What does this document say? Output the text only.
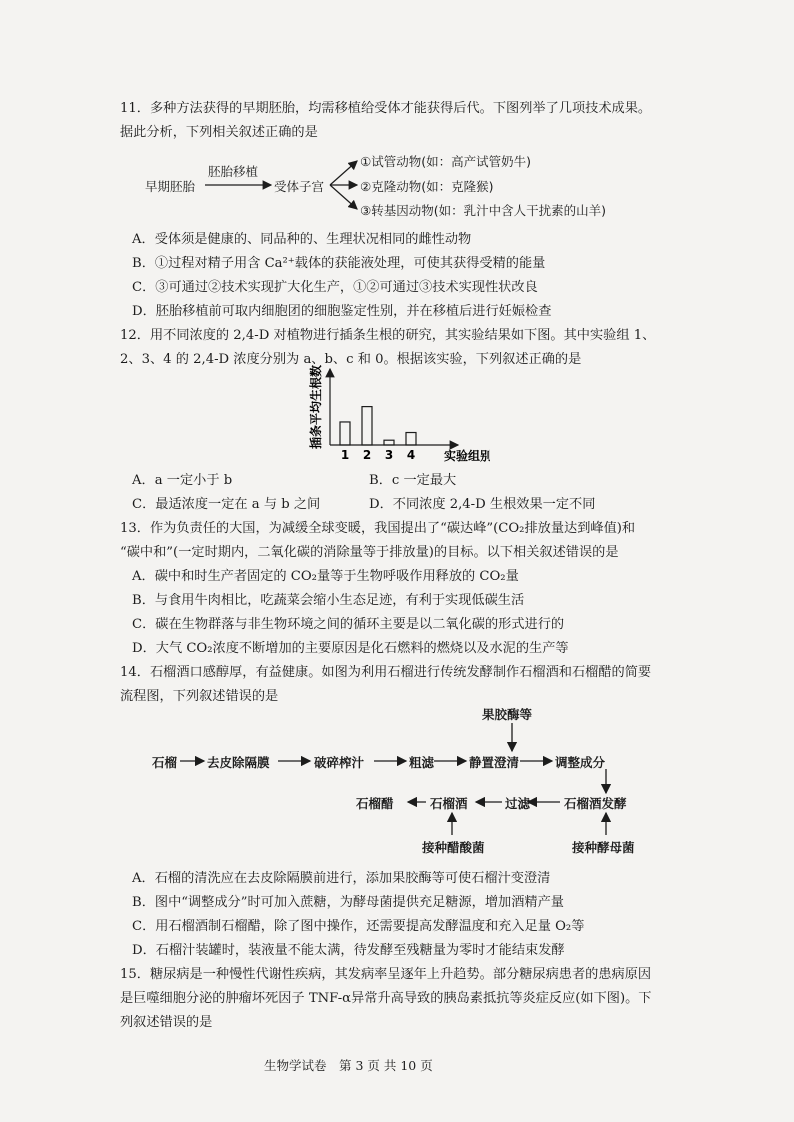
11．多种方法获得的早期胚胎，均需移植给受体才能获得后代。下图列举了几项技术成果。
据此分析，下列相关叙述正确的是
早期胚胎
胚胎移植
受体子宫
①试管动物(如：高产试管奶牛)
②克隆动物(如：克隆猴)
③转基因动物(如：乳汁中含人干扰素的山羊)
A．受体须是健康的、同品种的、生理状况相同的雌性动物
B．①过程对精子用含 Ca²⁺载体的获能液处理，可使其获得受精的能量
C．③可通过②技术实现扩大化生产，①②可通过③技术实现性状改良
D．胚胎移植前可取内细胞团的细胞鉴定性别，并在移植后进行妊娠检查
12．用不同浓度的 2,4-D 对植物进行插条生根的研究，其实验结果如下图。其中实验组 1、
2、3、4 的 2,4-D 浓度分别为 a、b、c 和 0。根据该实验，下列叙述正确的是
插条平均生根数
实验组别
1 2 3 4
A．a 一定小于 b	B．c 一定最大
C．最适浓度一定在 a 与 b 之间	D．不同浓度 2,4-D 生根效果一定不同
13．作为负责任的大国，为减缓全球变暖，我国提出了“碳达峰”(CO₂排放量达到峰值)和
“碳中和”(一定时期内，二氧化碳的消除量等于排放量)的目标。以下相关叙述错误的是
A．碳中和时生产者固定的 CO₂量等于生物呼吸作用释放的 CO₂量
B．与食用牛肉相比，吃蔬菜会缩小生态足迹，有利于实现低碳生活
C．碳在生物群落与非生物环境之间的循环主要是以二氧化碳的形式进行的
D．大气 CO₂浓度不断增加的主要原因是化石燃料的燃烧以及水泥的生产等
14．石榴酒口感醇厚，有益健康。如图为利用石榴进行传统发酵制作石榴酒和石榴醋的简要
流程图，下列叙述错误的是
果胶酶等
石榴 去皮除隔膜	破碎榨汁	粗滤	静置澄清	调整成分
石榴醋	石榴酒	过滤	石榴酒发酵
接种醋酸菌	接种酵母菌
A．石榴的清洗应在去皮除隔膜前进行，添加果胶酶等可使石榴汁变澄清
B．图中“调整成分”时可加入蔗糖，为酵母菌提供充足糖源，增加酒精产量
C．用石榴酒制石榴醋，除了图中操作，还需要提高发酵温度和充入足量 O₂等
D．石榴汁装罐时，装液量不能太满，待发酵至残糖量为零时才能结束发酵
15．糖尿病是一种慢性代谢性疾病，其发病率呈逐年上升趋势。部分糖尿病患者的患病原因
是巨噬细胞分泌的肿瘤坏死因子 TNF-α异常升高导致的胰岛素抵抗等炎症反应(如下图)。下
列叙述错误的是
生物学试卷　第 3 页 共 10 页
